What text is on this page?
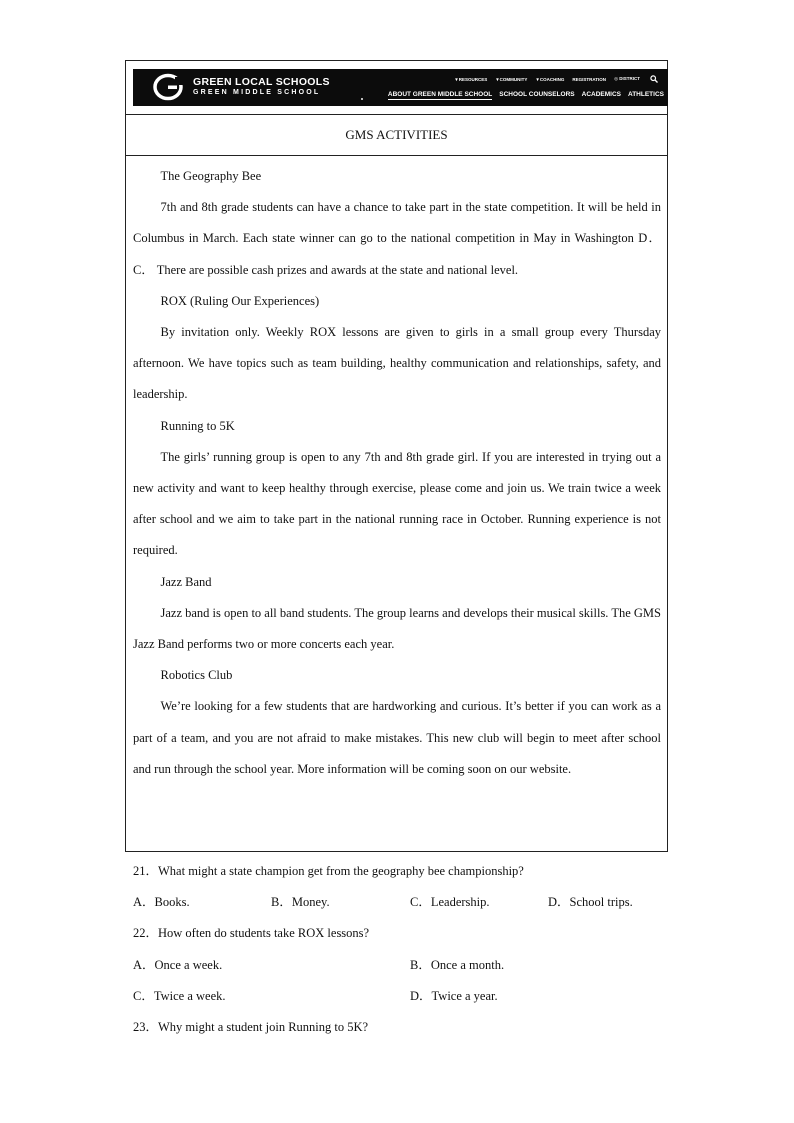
GREEN LOCAL SCHOOLS
GREEN MIDDLE SCHOOL
▼RESOURCES ▼COMMUNITY ▼COACHING REGISTRATION ◎ DISTRICT
ABOUT GREEN MIDDLE SCHOOL SCHOOL COUNSELORS ACADEMICS ATHLETICS
GMS ACTIVITIES

The Geography Bee

7th and 8th grade students can have a chance to take part in the state competition. It will be held in Columbus in March. Each state winner can go to the national competition in May in Washington D．C． There are possible cash prizes and awards at the state and national level.

ROX (Ruling Our Experiences)

By invitation only. Weekly ROX lessons are given to girls in a small group every Thursday afternoon. We have topics such as team building, healthy communication and relationships, safety, and leadership.

Running to 5K

The girls’ running group is open to any 7th and 8th grade girl. If you are interested in trying out a new activity and want to keep healthy through exercise, please come and join us. We train twice a week after school and we aim to take part in the national running race in October. Running experience is not required.

Jazz Band

Jazz band is open to all band students. The group learns and develops their musical skills. The GMS Jazz Band performs two or more concerts each year.

Robotics Club

We’re looking for a few students that are hardworking and curious. It’s better if you can work as a part of a team, and you are not afraid to make mistakes. This new club will begin to meet after school and run through the school year. More information will be coming soon on our website.

21．What might a state champion get from the geography bee championship?

A．Books.	B．Money.	C．Leadership.	D．School trips.

22．How often do students take ROX lessons?

A．Once a week.	B．Once a month.
C．Twice a week.	D．Twice a year.

23．Why might a student join Running to 5K?
